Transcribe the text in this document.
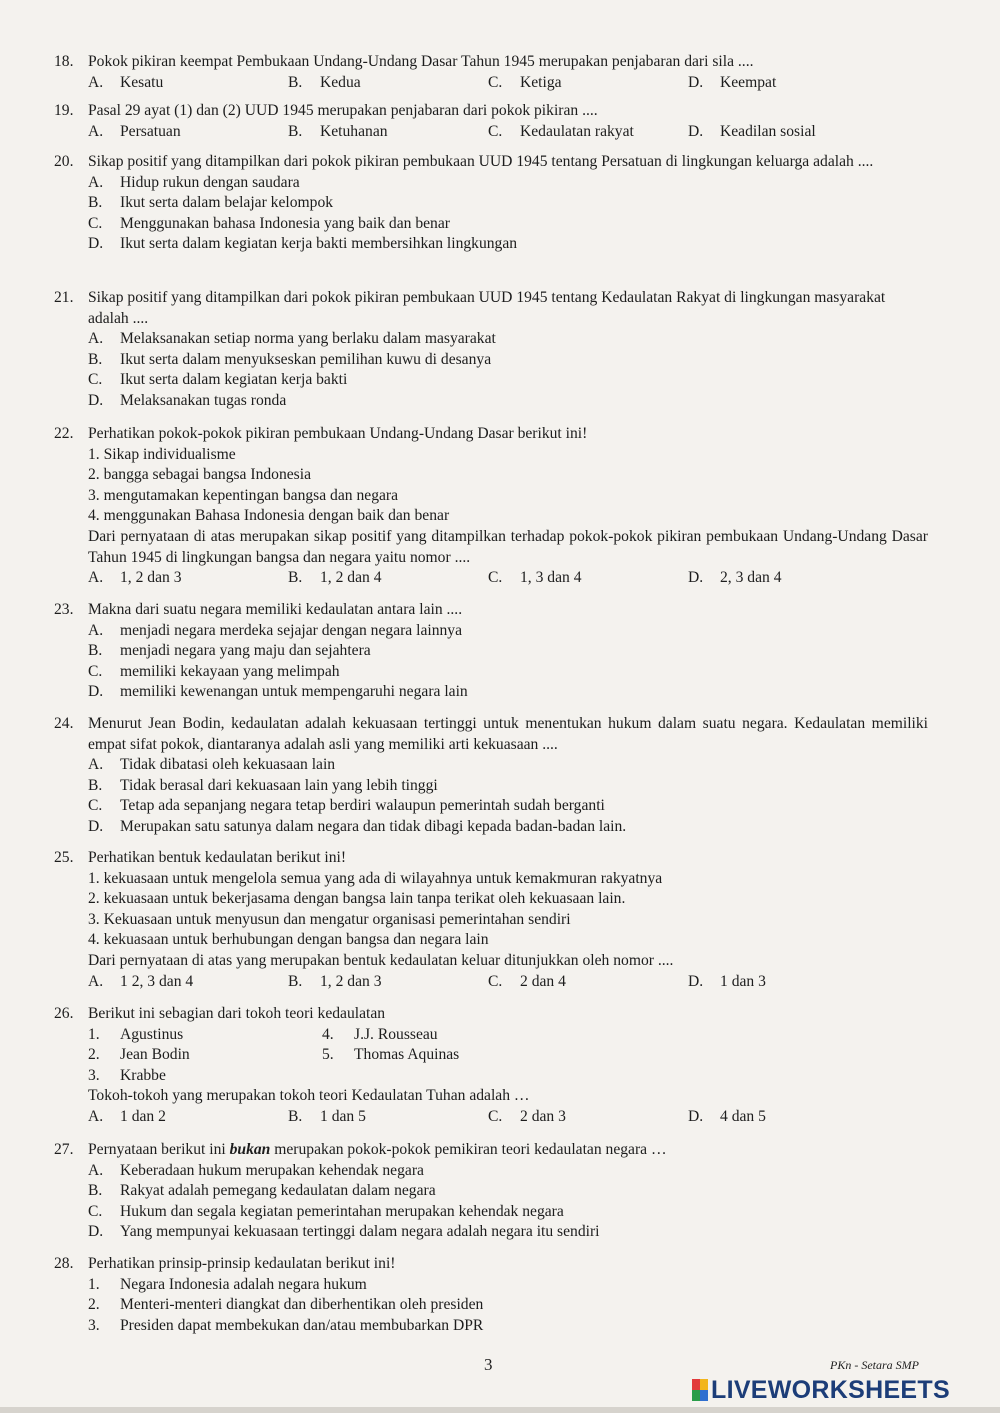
18. Pokok pikiran keempat Pembukaan Undang-Undang Dasar Tahun 1945 merupakan penjabaran dari sila ....
A.	Kesatu	B.	Kedua	C.	Ketiga	D.	Keempat
19. Pasal 29 ayat (1) dan (2) UUD 1945 merupakan penjabaran dari pokok pikiran ....
A.	Persatuan	B.	Ketuhanan	C.	Kedaulatan rakyat	D.	Keadilan sosial
20. Sikap positif yang ditampilkan dari pokok pikiran pembukaan UUD 1945 tentang Persatuan di lingkungan keluarga adalah ....
A.	Hidup rukun dengan saudara
B.	Ikut serta dalam belajar kelompok
C.	Menggunakan bahasa Indonesia yang baik dan benar
D.	Ikut serta dalam kegiatan kerja bakti membersihkan lingkungan
21. Sikap positif yang ditampilkan dari pokok pikiran pembukaan UUD 1945 tentang Kedaulatan Rakyat di lingkungan masyarakat adalah ....
A.	Melaksanakan setiap norma yang berlaku dalam masyarakat
B.	Ikut serta dalam menyukseskan pemilihan kuwu di desanya
C.	Ikut serta dalam kegiatan kerja bakti
D.	Melaksanakan tugas ronda
22. Perhatikan pokok-pokok pikiran pembukaan Undang-Undang Dasar berikut ini!
1. Sikap individualisme
2. bangga sebagai bangsa Indonesia
3. mengutamakan kepentingan bangsa dan negara
4. menggunakan Bahasa Indonesia dengan baik dan benar
Dari pernyataan di atas merupakan sikap positif yang ditampilkan terhadap pokok-pokok pikiran pembukaan Undang-Undang Dasar Tahun 1945 di lingkungan bangsa dan negara yaitu nomor ....
A.	1, 2 dan 3	B.	1, 2 dan 4	C.	1, 3 dan 4	D.	2, 3 dan 4
23. Makna dari suatu negara memiliki kedaulatan antara lain ....
A.	menjadi negara merdeka sejajar dengan negara lainnya
B.	menjadi negara yang maju dan sejahtera
C.	memiliki kekayaan yang melimpah
D.	memiliki kewenangan untuk mempengaruhi negara lain
24. Menurut Jean Bodin, kedaulatan adalah kekuasaan tertinggi untuk menentukan hukum dalam suatu negara. Kedaulatan memiliki empat sifat pokok, diantaranya adalah asli yang memiliki arti kekuasaan ....
A.	Tidak dibatasi oleh kekuasaan lain
B.	Tidak berasal dari kekuasaan lain yang lebih tinggi
C.	Tetap ada sepanjang negara tetap berdiri walaupun pemerintah sudah berganti
D.	Merupakan satu satunya dalam negara dan tidak dibagi kepada badan-badan lain.
25. Perhatikan bentuk kedaulatan berikut ini!
1. kekuasaan untuk mengelola semua yang ada di wilayahnya untuk kemakmuran rakyatnya
2. kekuasaan untuk bekerjasama dengan bangsa lain tanpa terikat oleh kekuasaan lain.
3. Kekuasaan untuk menyusun dan mengatur organisasi pemerintahan sendiri
4. kekuasaan untuk berhubungan dengan bangsa dan negara lain
Dari pernyataan di atas yang merupakan bentuk kedaulatan keluar ditunjukkan oleh nomor ....
A.	1 2, 3 dan 4	B.	1, 2 dan 3	C.	2 dan 4	D.	1 dan 3
26. Berikut ini sebagian dari tokoh teori kedaulatan
1.	Agustinus	4.	J.J. Rousseau
2.	Jean Bodin	5.	Thomas Aquinas
3.	Krabbe
Tokoh-tokoh yang merupakan tokoh teori Kedaulatan Tuhan adalah …
A.	1 dan 2	B.	1 dan 5	C.	2 dan 3	D.	4 dan 5
27. Pernyataan berikut ini bukan merupakan pokok-pokok pemikiran teori kedaulatan negara …
A.	Keberadaan hukum merupakan kehendak negara
B.	Rakyat adalah pemegang kedaulatan dalam negara
C.	Hukum dan segala kegiatan pemerintahan merupakan kehendak negara
D.	Yang mempunyai kekuasaan tertinggi dalam negara adalah negara itu sendiri
28. Perhatikan prinsip-prinsip kedaulatan berikut ini!
1.	Negara Indonesia adalah negara hukum
2.	Menteri-menteri diangkat dan diberhentikan oleh presiden
3.	Presiden dapat membekukan dan/atau membubarkan DPR
3	PKn - Setara SMP
LIVEWORKSHEETS
